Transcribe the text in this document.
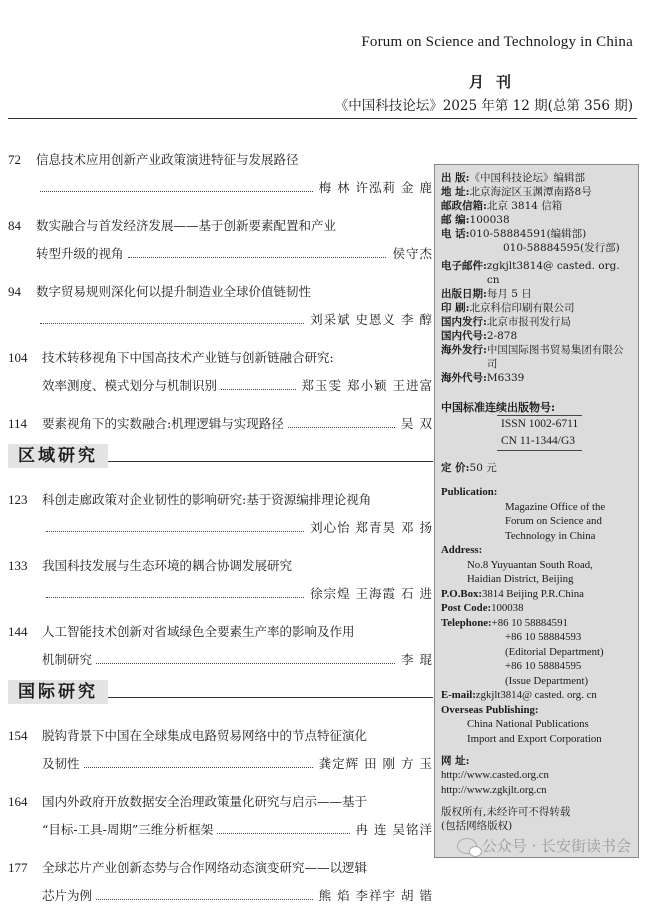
Forum on Science and Technology in China
月刊
《中国科技论坛》2025 年第 12 期(总第 356 期)
72	信息技术应用创新产业政策演进特征与发展路径
梅 林 许泓莉 金 鹿
84	数实融合与首发经济发展——基于创新要素配置和产业
转型升级的视角	侯守杰
94	数字贸易规则深化何以提升制造业全球价值链韧性
刘采斌 史恩义 李 醇
104	技术转移视角下中国高技术产业链与创新链融合研究:
效率测度、模式划分与机制识别	郑玉雯 郑小颖 王进富
114	要素视角下的实数融合:机理逻辑与实现路径	吴 双
区域研究
123	科创走廊政策对企业韧性的影响研究:基于资源编排理论视角
刘心怡 郑青昊 邓 扬
133	我国科技发展与生态环境的耦合协调发展研究
徐宗煌 王海霞 石 进
144	人工智能技术创新对省域绿色全要素生产率的影响及作用
机制研究	李 琨
国际研究
154	脱钩背景下中国在全球集成电路贸易网络中的节点特征演化
及韧性	龚定辉 田 刚 方 玉
164	国内外政府开放数据安全治理政策量化研究与启示——基于
“目标-工具-周期”三维分析框架	冉 连 吴铭洋
177	全球芯片产业创新态势与合作网络动态演变研究——以逻辑
芯片为例	熊 焰 李祥宇 胡 锴
出 版: 《中国科技论坛》编辑部
地 址: 北京海淀区玉渊潭南路8号
邮政信箱: 北京 3814 信箱
邮 编: 100038
电 话: 010-58884591(编辑部)
010-58884595(发行部)
电子邮件: zgkjlt3814@ casted. org. cn
出版日期: 每月 5 日
印 刷: 北京科信印刷有限公司
国内发行: 北京市报刊发行局
国内代号: 2-878
海外发行: 中国国际图书贸易集团有限公司
海外代号: M6339
中国标准连续出版物号:
ISSN 1002-6711
CN 11-1344/G3
定 价: 50 元
Publication:
Magazine Office of the
Forum on Science and
Technology in China
Address:
No.8 Yuyuantan South Road,
Haidian District, Beijing
P.O.Box:3814 Beijing P.R.China
Post Code:100038
Telephone:+86 10 58884591
+86 10 58884593
(Editorial Department)
+86 10 58884595
(Issue Department)
E-mail:zgkjlt3814@ casted. org. cn
Overseas Publishing:
China National Publications
Import and Export Corporation
网 址:
http://www.casted.org.cn
http://www.zgkjlt.org.cn
版权所有,未经许可不得转载
(包括网络版权)
公众号 · 长安街读书会
